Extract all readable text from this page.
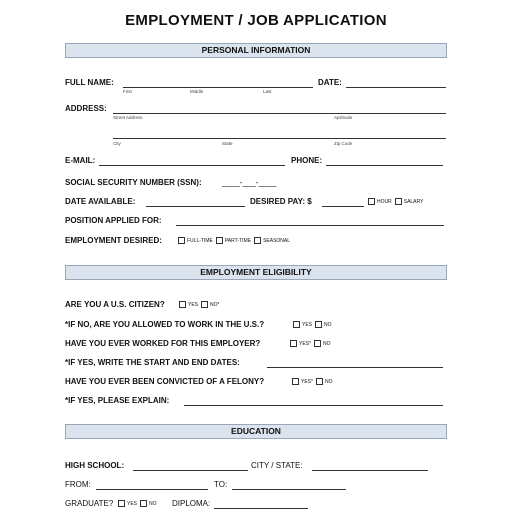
EMPLOYMENT / JOB APPLICATION
PERSONAL INFORMATION
FULL NAME:
First	Middle	Last
DATE:
ADDRESS:
Street Address	Apt/Suite
City	State	Zip Code
E-MAIL:	PHONE:
SOCIAL SECURITY NUMBER (SSN):	____-___-____
DATE AVAILABLE:	DESIRED PAY: $	HOUR SALARY
POSITION APPLIED FOR:
EMPLOYMENT DESIRED:	FULL-TIME PART-TIME SEASONAL
EMPLOYMENT ELIGIBILITY
ARE YOU A U.S. CITIZEN?	YES NO*
*IF NO, ARE YOU ALLOWED TO WORK IN THE U.S.?	YES NO
HAVE YOU EVER WORKED FOR THIS EMPLOYER?	YES* NO
*IF YES, WRITE THE START AND END DATES:
HAVE YOU EVER BEEN CONVICTED OF A FELONY?	YES* NO
*IF YES, PLEASE EXPLAIN:
EDUCATION
HIGH SCHOOL:	CITY / STATE:
FROM:	TO:
GRADUATE?	YES NO DIPLOMA:
